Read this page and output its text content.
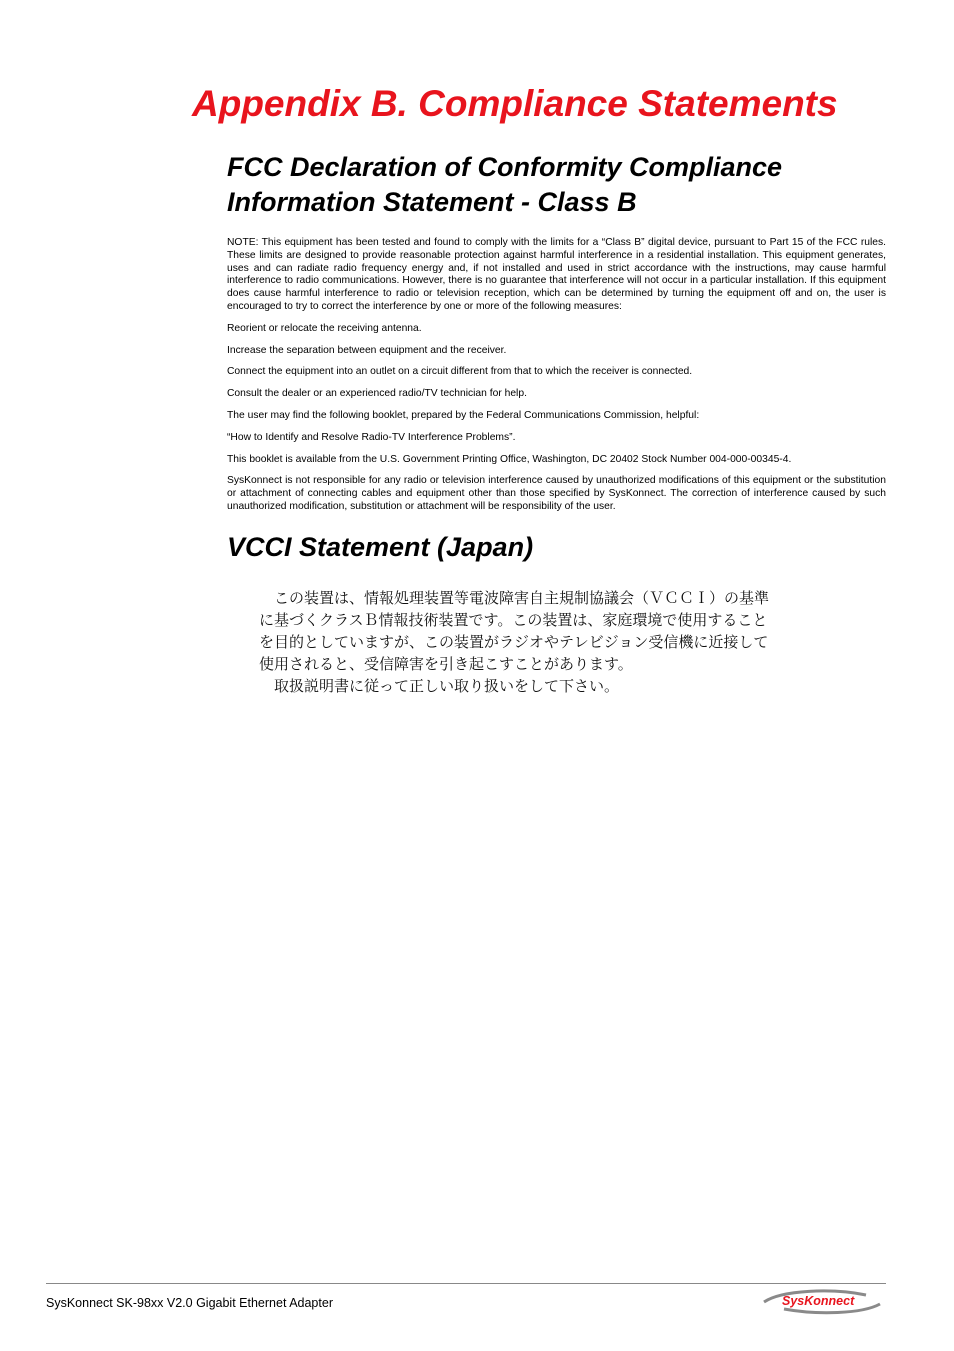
Appendix B. Compliance Statements
FCC Declaration of Conformity Compliance
Information Statement - Class B

NOTE: This equipment has been tested and found to comply with the limits for a “Class B” digital device, pursuant to Part 15 of the FCC rules. These limits are designed to provide reasonable protection against harmful interference in a residential installation. This equipment generates, uses and can radiate radio frequency energy and, if not installed and used in strict accordance with the instructions, may cause harmful interference to radio communications. However, there is no guarantee that interference will not occur in a particular installation. If this equipment does cause harmful interference to radio or television reception, which can be determined by turning the equipment off and on, the user is encouraged to try to correct the interference by one or more of the following measures:

Reorient or relocate the receiving antenna.

Increase the separation between equipment and the receiver.

Connect the equipment into an outlet on a circuit different from that to which the receiver is connected.

Consult the dealer or an experienced radio/TV technician for help.

The user may find the following booklet, prepared by the Federal Communications Commission, helpful:

“How to Identify and Resolve Radio-TV Interference Problems”.

This booklet is available from the U.S. Government Printing Office, Washington, DC 20402 Stock Number 004-000-00345-4.

SysKonnect is not responsible for any radio or television interference caused by unauthorized modifications of this equipment or the substitution or attachment of connecting cables and equipment other than those specified by SysKonnect. The correction of interference caused by such unauthorized modification, substitution or attachment will be responsibility of the user.

VCCI Statement (Japan)
この装置は、情報処理装置等電波障害自主規制協議会（ＶＣＣＩ）の基準
に基づくクラスＢ情報技術装置です。この装置は、家庭環境で使用すること
を目的としていますが、この装置がラジオやテレビジョン受信機に近接して
使用されると、受信障害を引き起こすことがあります。
取扱説明書に従って正しい取り扱いをして下さい。
SysKonnect SK-98xx V2.0 Gigabit Ethernet Adapter	SysKonnect
